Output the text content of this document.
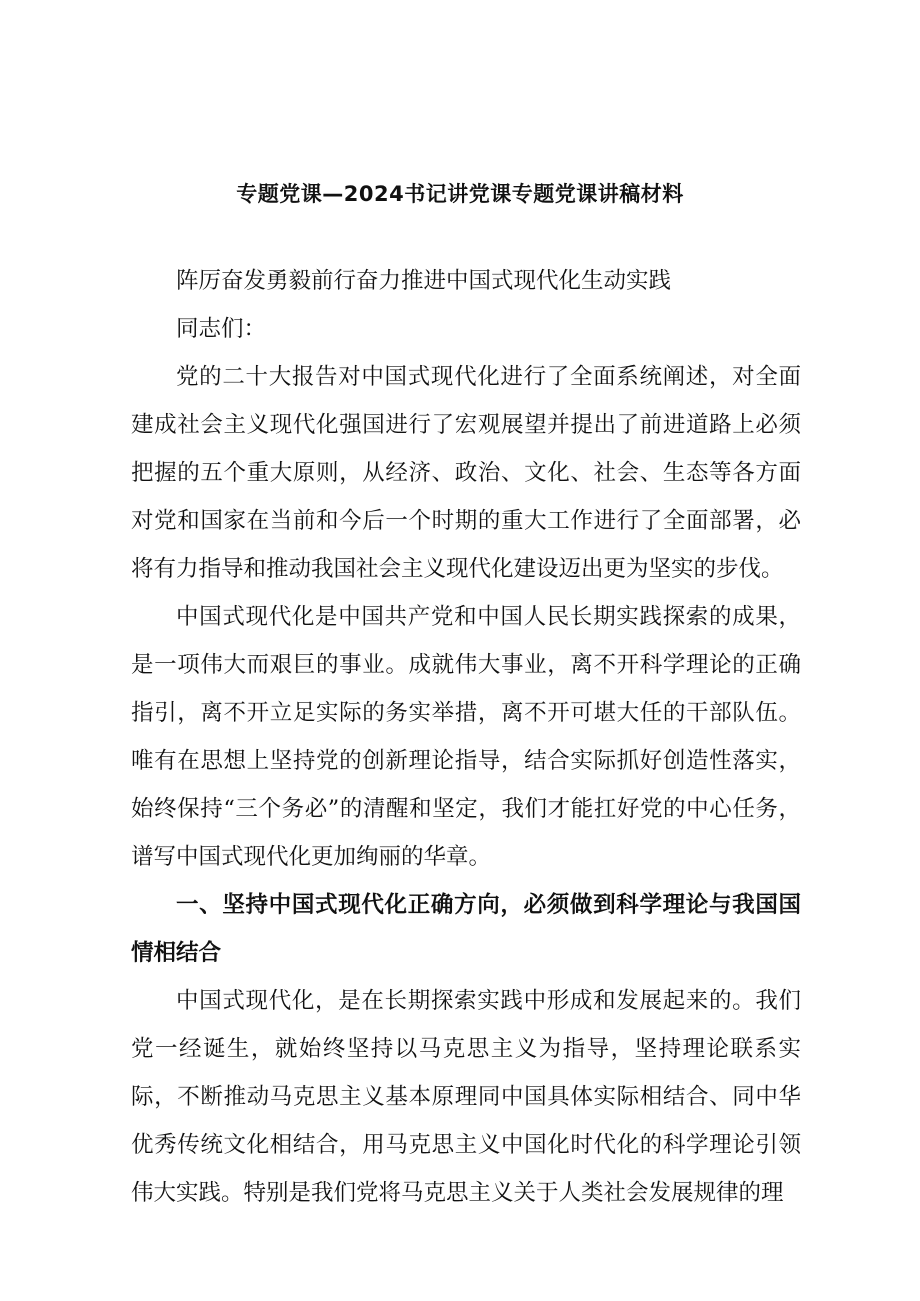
专题党课—2024书记讲党课专题党课讲稿材料

阵厉奋发勇毅前行奋力推进中国式现代化生动实践

同志们：

党的二十大报告对中国式现代化进行了全面系统阐述，对全面建成社会主义现代化强国进行了宏观展望并提出了前进道路上必须把握的五个重大原则，从经济、政治、文化、社会、生态等各方面对党和国家在当前和今后一个时期的重大工作进行了全面部署，必将有力指导和推动我国社会主义现代化建设迈出更为坚实的步伐。

中国式现代化是中国共产党和中国人民长期实践探索的成果，是一项伟大而艰巨的事业。成就伟大事业，离不开科学理论的正确指引，离不开立足实际的务实举措，离不开可堪大任的干部队伍。唯有在思想上坚持党的创新理论指导，结合实际抓好创造性落实，始终保持“三个务必”的清醒和坚定，我们才能扛好党的中心任务，谱写中国式现代化更加绚丽的华章。

一、坚持中国式现代化正确方向，必须做到科学理论与我国国情相结合

中国式现代化，是在长期探索实践中形成和发展起来的。我们党一经诞生，就始终坚持以马克思主义为指导，坚持理论联系实际，不断推动马克思主义基本原理同中国具体实际相结合、同中华优秀传统文化相结合，用马克思主义中国化时代化的科学理论引领伟大实践。特别是我们党将马克思主义关于人类社会发展规律的理
